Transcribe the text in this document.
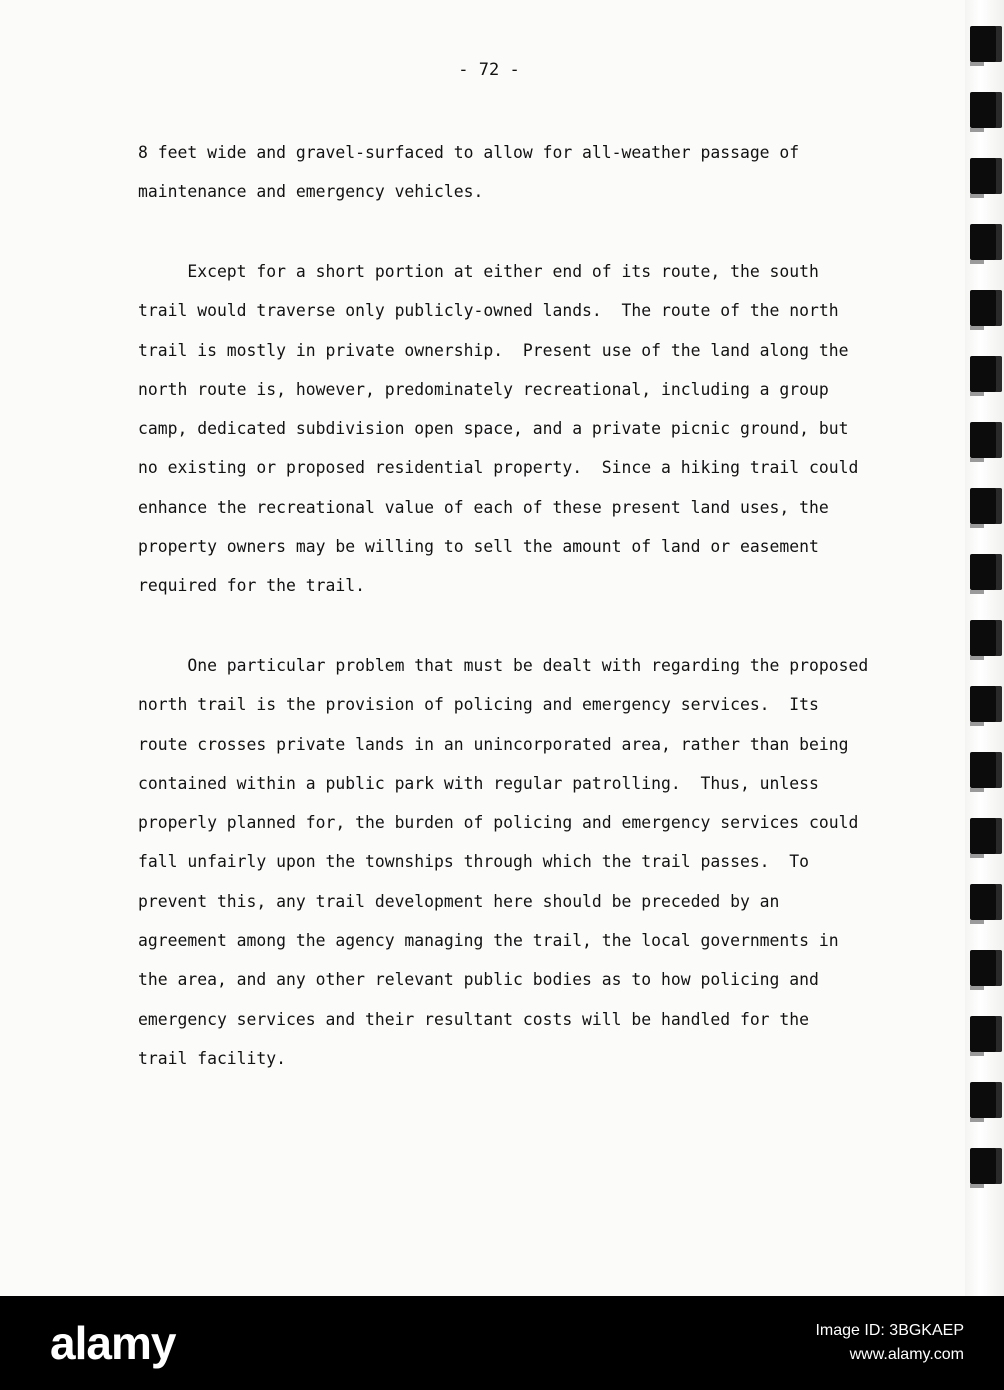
- 72 -

8 feet wide and gravel-surfaced to allow for all-weather passage of
maintenance and emergency vehicles.

Except for a short portion at either end of its route, the south
trail would traverse only publicly-owned lands.  The route of the north
trail is mostly in private ownership.  Present use of the land along the
north route is, however, predominately recreational, including a group
camp, dedicated subdivision open space, and a private picnic ground, but
no existing or proposed residential property.  Since a hiking trail could
enhance the recreational value of each of these present land uses, the
property owners may be willing to sell the amount of land or easement
required for the trail.

One particular problem that must be dealt with regarding the proposed
north trail is the provision of policing and emergency services.  Its
route crosses private lands in an unincorporated area, rather than being
contained within a public park with regular patrolling.  Thus, unless
properly planned for, the burden of policing and emergency services could
fall unfairly upon the townships through which the trail passes.  To
prevent this, any trail development here should be preceded by an
agreement among the agency managing the trail, the local governments in
the area, and any other relevant public bodies as to how policing and
emergency services and their resultant costs will be handled for the
trail facility.

alamy	Image ID: 3BGKAEP
www.alamy.com
